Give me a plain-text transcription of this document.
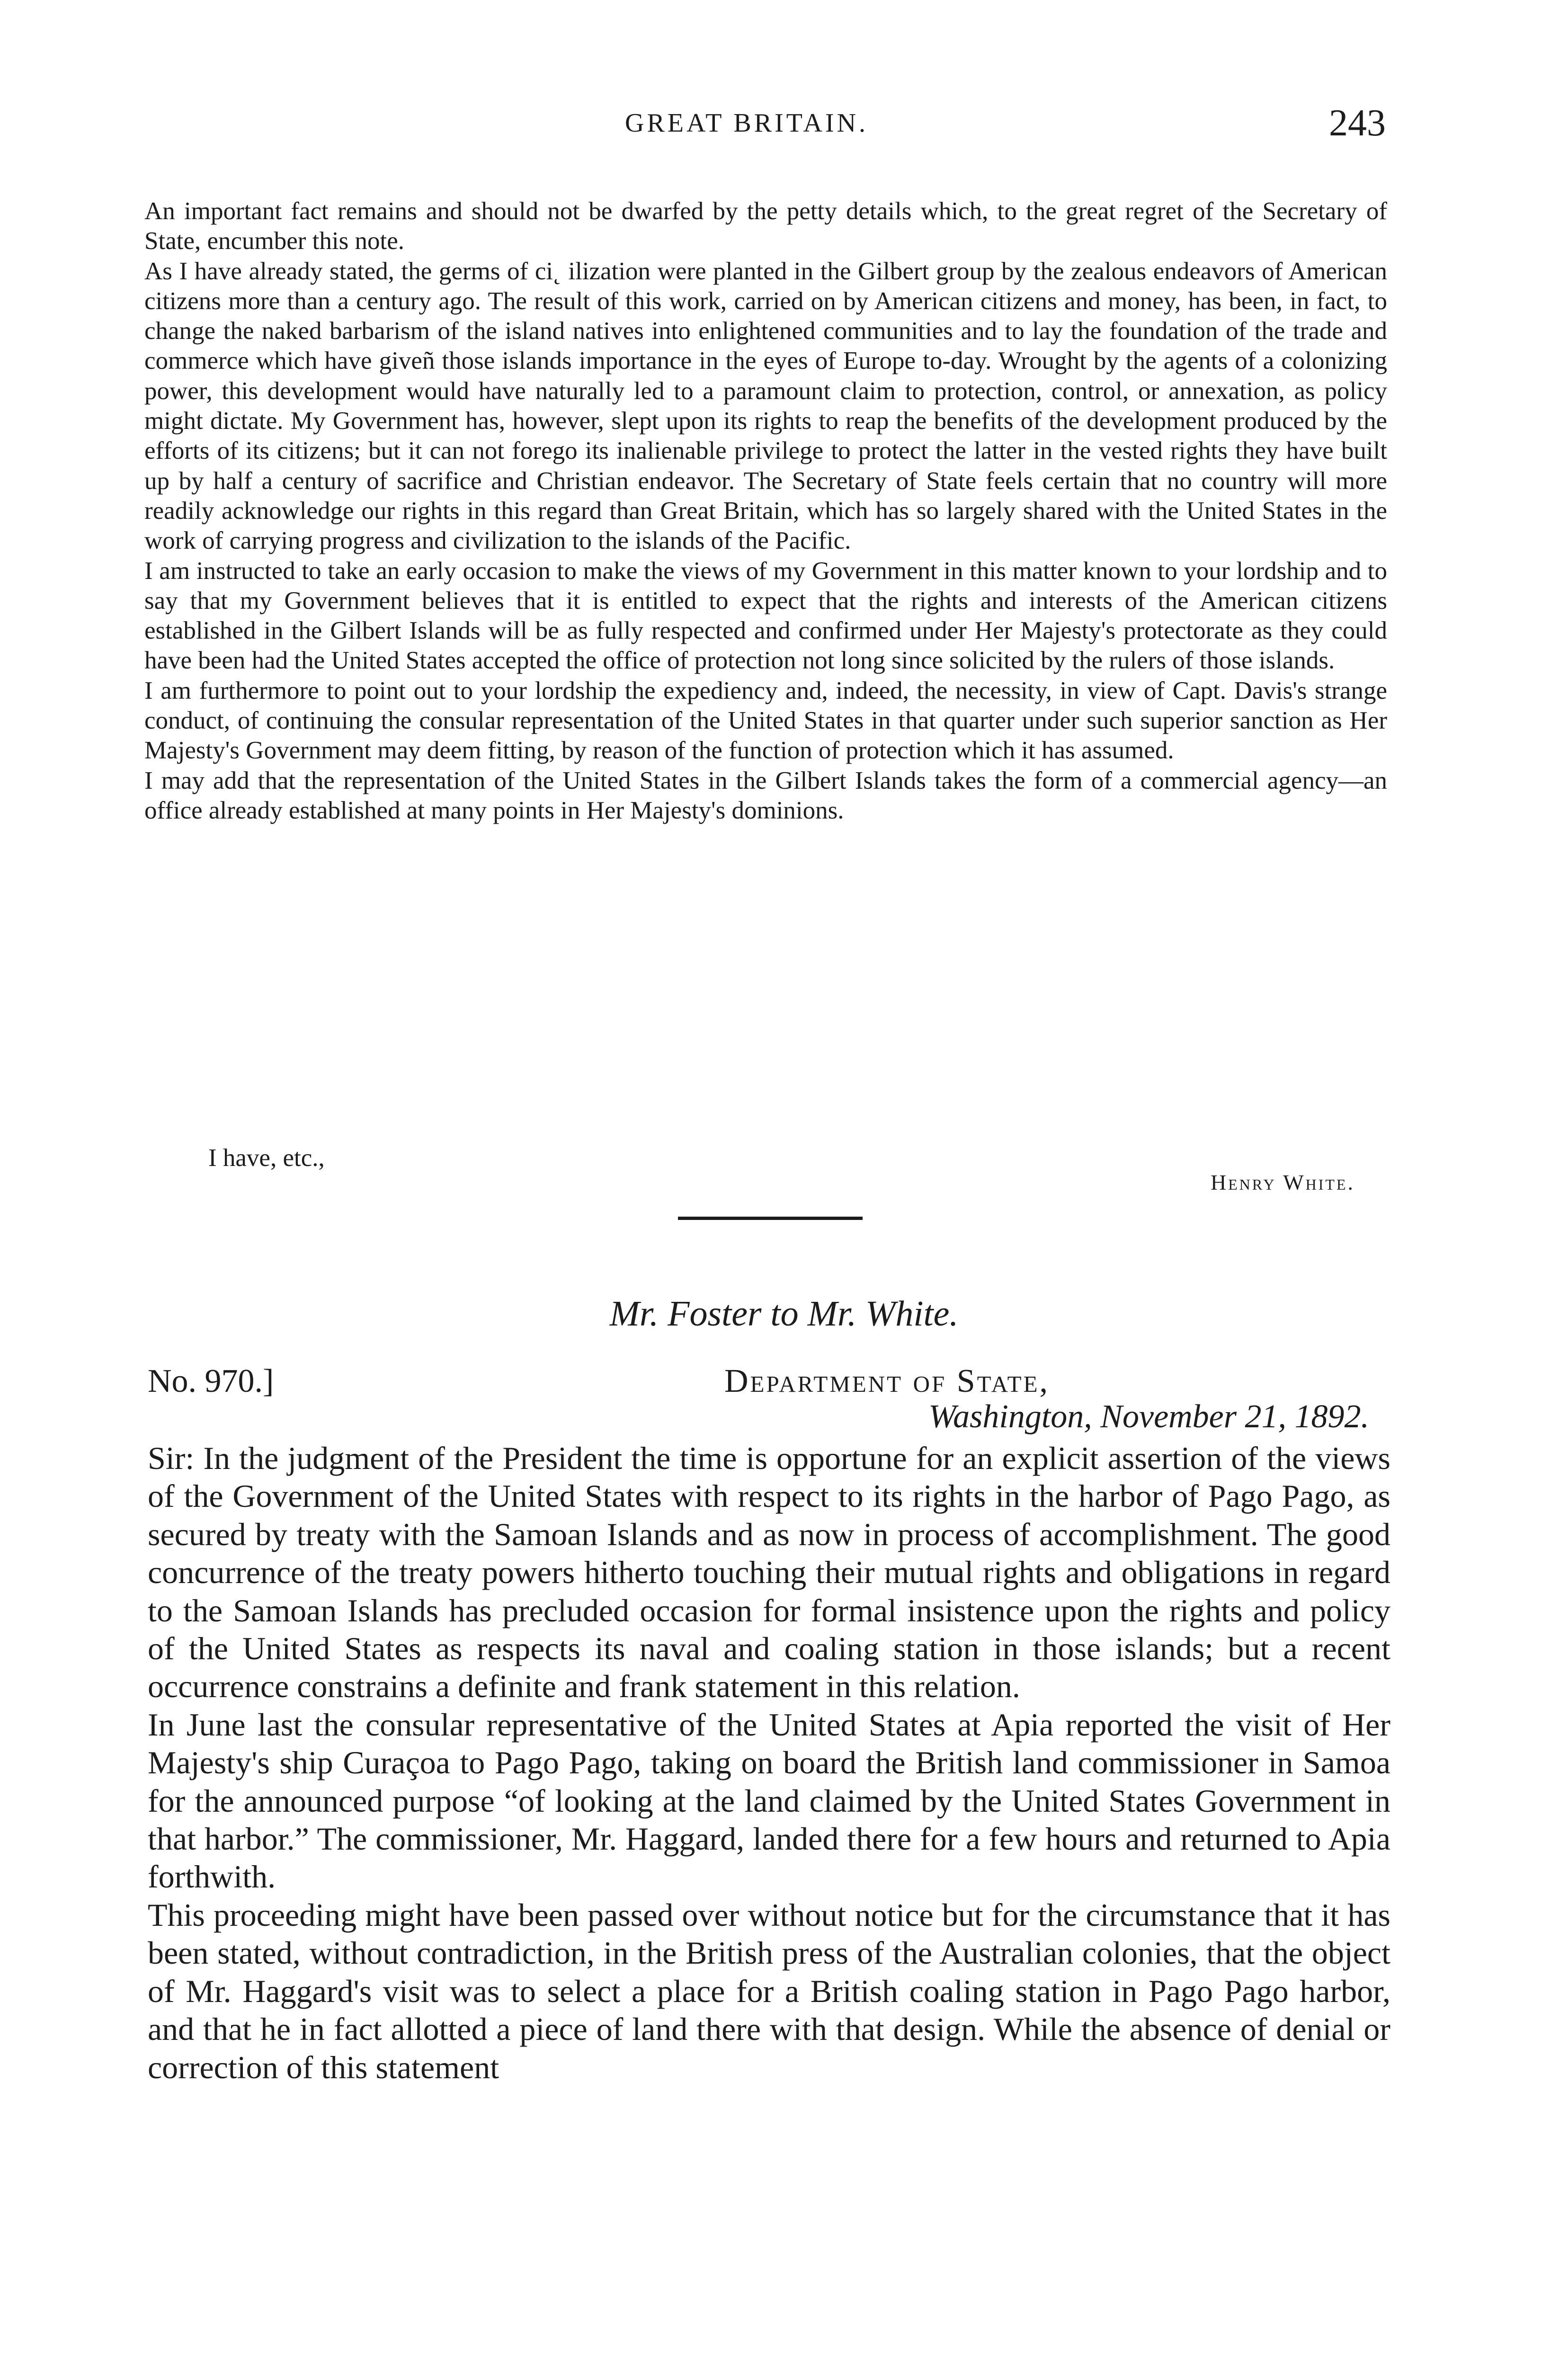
GREAT BRITAIN.	243

An important fact remains and should not be dwarfed by the petty details which, to the great regret of the Secretary of State, encumber this note.

As I have already stated, the germs of ci˛ ilization were planted in the Gilbert group by the zealous endeavors of American citizens more than a century ago. The result of this work, carried on by American citizens and money, has been, in fact, to change the naked barbarism of the island natives into enlightened communities and to lay the foundation of the trade and commerce which have giveñ those islands importance in the eyes of Europe to-day. Wrought by the agents of a colonizing power, this development would have naturally led to a paramount claim to protection, control, or annexation, as policy might dictate. My Government has, however, slept upon its rights to reap the benefits of the development produced by the efforts of its citizens; but it can not forego its inalienable privilege to protect the latter in the vested rights they have built up by half a century of sacrifice and Christian endeavor. The Secretary of State feels certain that no country will more readily acknowledge our rights in this regard than Great Britain, which has so largely shared with the United States in the work of carrying progress and civilization to the islands of the Pacific.

I am instructed to take an early occasion to make the views of my Government in this matter known to your lordship and to say that my Government believes that it is entitled to expect that the rights and interests of the American citizens established in the Gilbert Islands will be as fully respected and confirmed under Her Majesty's protectorate as they could have been had the United States accepted the office of protection not long since solicited by the rulers of those islands.

I am furthermore to point out to your lordship the expediency and, indeed, the necessity, in view of Capt. Davis's strange conduct, of continuing the consular representation of the United States in that quarter under such superior sanction as Her Majesty's Government may deem fitting, by reason of the function of protection which it has assumed.

I may add that the representation of the United States in the Gilbert Islands takes the form of a commercial agency—an office already established at many points in Her Majesty's dominions.

I have, etc.,
Henry White.
Mr. Foster to Mr. White.
No. 970.]	Department of State,
Washington, November 21, 1892.

Sir: In the judgment of the President the time is opportune for an explicit assertion of the views of the Government of the United States with respect to its rights in the harbor of Pago Pago, as secured by treaty with the Samoan Islands and as now in process of accomplishment. The good concurrence of the treaty powers hitherto touching their mutual rights and obligations in regard to the Samoan Islands has precluded occasion for formal insistence upon the rights and policy of the United States as respects its naval and coaling station in those islands; but a recent occurrence constrains a definite and frank statement in this relation.

In June last the consular representative of the United States at Apia reported the visit of Her Majesty's ship Curaçoa to Pago Pago, taking on board the British land commissioner in Samoa for the announced purpose “of looking at the land claimed by the United States Government in that harbor.” The commissioner, Mr. Haggard, landed there for a few hours and returned to Apia forthwith.

This proceeding might have been passed over without notice but for the circumstance that it has been stated, without contradiction, in the British press of the Australian colonies, that the object of Mr. Haggard's visit was to select a place for a British coaling station in Pago Pago harbor, and that he in fact allotted a piece of land there with that design. While the absence of denial or correction of this statement
